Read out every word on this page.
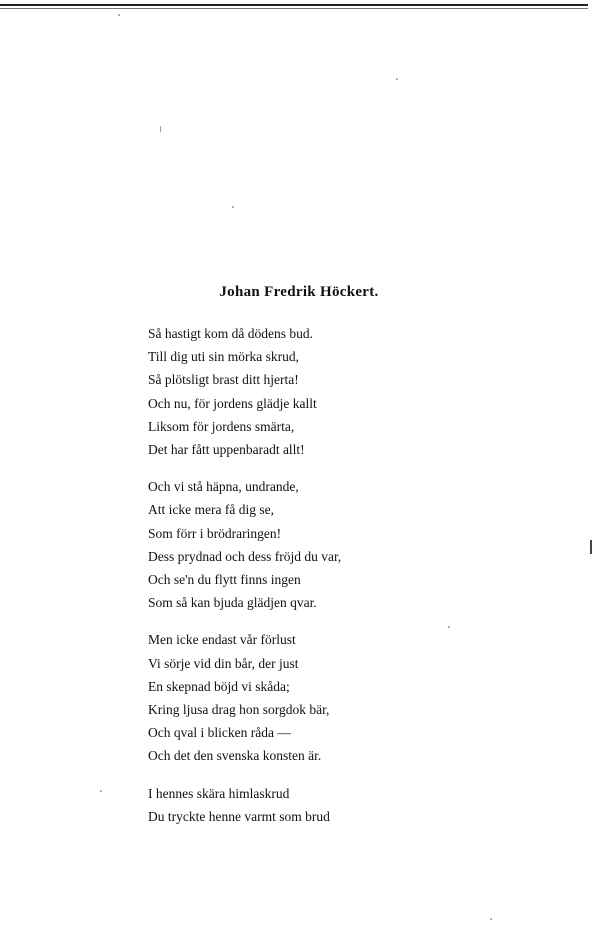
Johan Fredrik Höckert.
Så hastigt kom då dödens bud.
Till dig uti sin mörka skrud,
Så plötsligt brast ditt hjerta!
Och nu, för jordens glädje kallt
Liksom för jordens smärta,
Det har fått uppenbaradt allt!
Och vi stå häpna, undrande,
Att icke mera få dig se,
Som förr i brödraringen!
Dess prydnad och dess fröjd du var,
Och se'n du flytt finns ingen
Som så kan bjuda glädjen qvar.
Men icke endast vår förlust
Vi sörje vid din bår, der just
En skepnad böjd vi skåda;
Kring ljusa drag hon sorgdok bär,
Och qval i blicken råda —
Och det den svenska konsten är.
I hennes skära himlaskrud
Du tryckte henne varmt som brud
